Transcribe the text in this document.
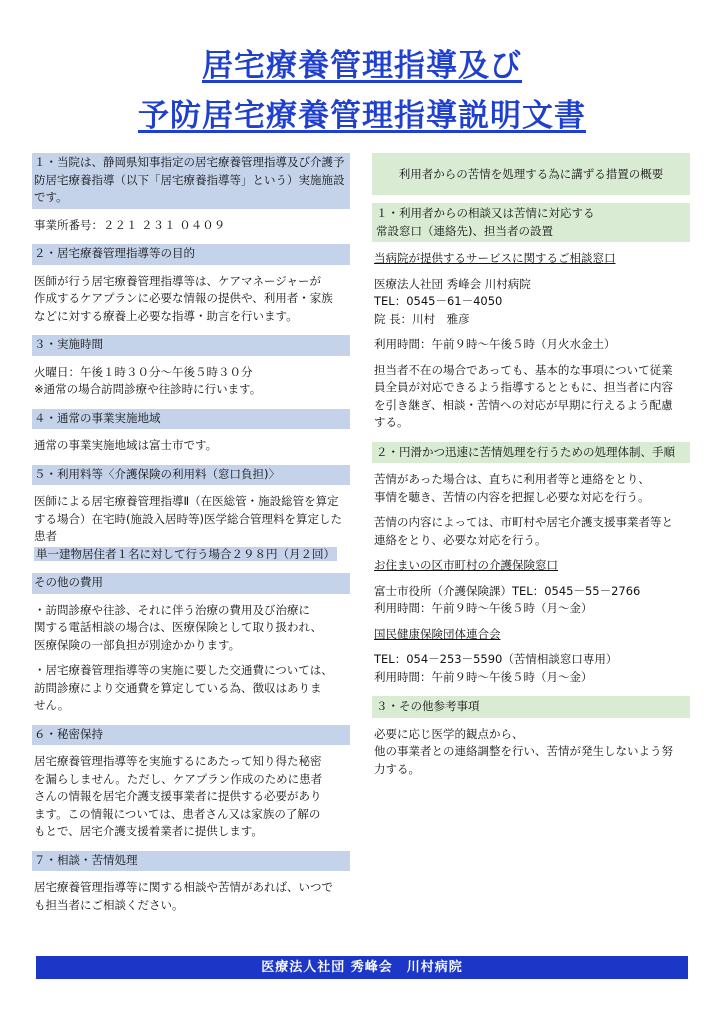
居宅療養管理指導及び
予防居宅療養管理指導説明文書
１・当院は、静岡県知事指定の居宅療養管理指導及び介護予防居宅療養指導（以下「居宅療養指導等」という）実施施設です。
事業所番号：２２１ ２３１ ０４０９
２・居宅療養管理指導等の目的
医師が行う居宅療養管理指導等は、ケアマネージャーが
作成するケアプランに必要な情報の提供や、利用者・家族
などに対する療養上必要な指導・助言を行います。
３・実施時間
火曜日：午後１時３０分～午後５時３０分
※通常の場合訪問診療や往診時に行います。
４・通常の事業実施地域
通常の事業実施地域は富士市です。
５・利用料等〈介護保険の利用料（窓口負担)〉
医師による居宅療養管理指導Ⅱ（在医総管・施設総管を算定する場合）在宅時(施設入居時等)医学総合管理料を算定した患者
単一建物居住者１名に対して行う場合２９８円（月２回）
その他の費用
・訪問診療や往診、それに伴う治療の費用及び治療に
関する電話相談の場合は、医療保険として取り扱われ、
医療保険の一部負担が別途かかります。
・居宅療養管理指導等の実施に要した交通費については、
訪問診療により交通費を算定している為、徴収はありま
せん。
６・秘密保持
居宅療養管理指導等を実施するにあたって知り得た秘密
を漏らしません。ただし、ケアプラン作成のために患者
さんの情報を居宅介護支援事業者に提供する必要があり
ます。この情報については、患者さん又は家族の了解の
もとで、居宅介護支援着業者に提供します。
７・相談・苦情処理
居宅療養管理指導等に関する相談や苦情があれば、いつで
も担当者にご相談ください。
利用者からの苦情を処理する為に講ずる措置の概要
１・利用者からの相談又は苦情に対応する
常設窓口（連絡先)、担当者の設置
当病院が提供するサービスに関するご相談窓口
医療法人社団 秀峰会 川村病院
TEL：0545－61－4050
院 長：川村　雅彦
利用時間：午前９時～午後５時（月火水金土）
担当者不在の場合であっても、基本的な事項について従業
員全員が対応できるよう指導するとともに、担当者に内容
を引き継ぎ、相談・苦情への対応が早期に行えるよう配慮
する。
２・円滑かつ迅速に苦情処理を行うための処理体制、手順
苦情があった場合は、直ちに利用者等と連絡をとり、
事情を聴き、苦情の内容を把握し必要な対応を行う。
苦情の内容によっては、市町村や居宅介護支援事業者等と
連絡をとり、必要な対応を行う。
お住まいの区市町村の介護保険窓口
富士市役所（介護保険課）TEL：0545－55－2766
利用時間：午前９時～午後５時（月～金）
国民健康保険団体連合会
TEL：054－253－5590（苦情相談窓口専用）
利用時間：午前９時～午後５時（月～金）
３・その他参考事項
必要に応じ医学的観点から、
他の事業者との連絡調整を行い、苦情が発生しないよう努
力する。
医療法人社団 秀峰会　川村病院
